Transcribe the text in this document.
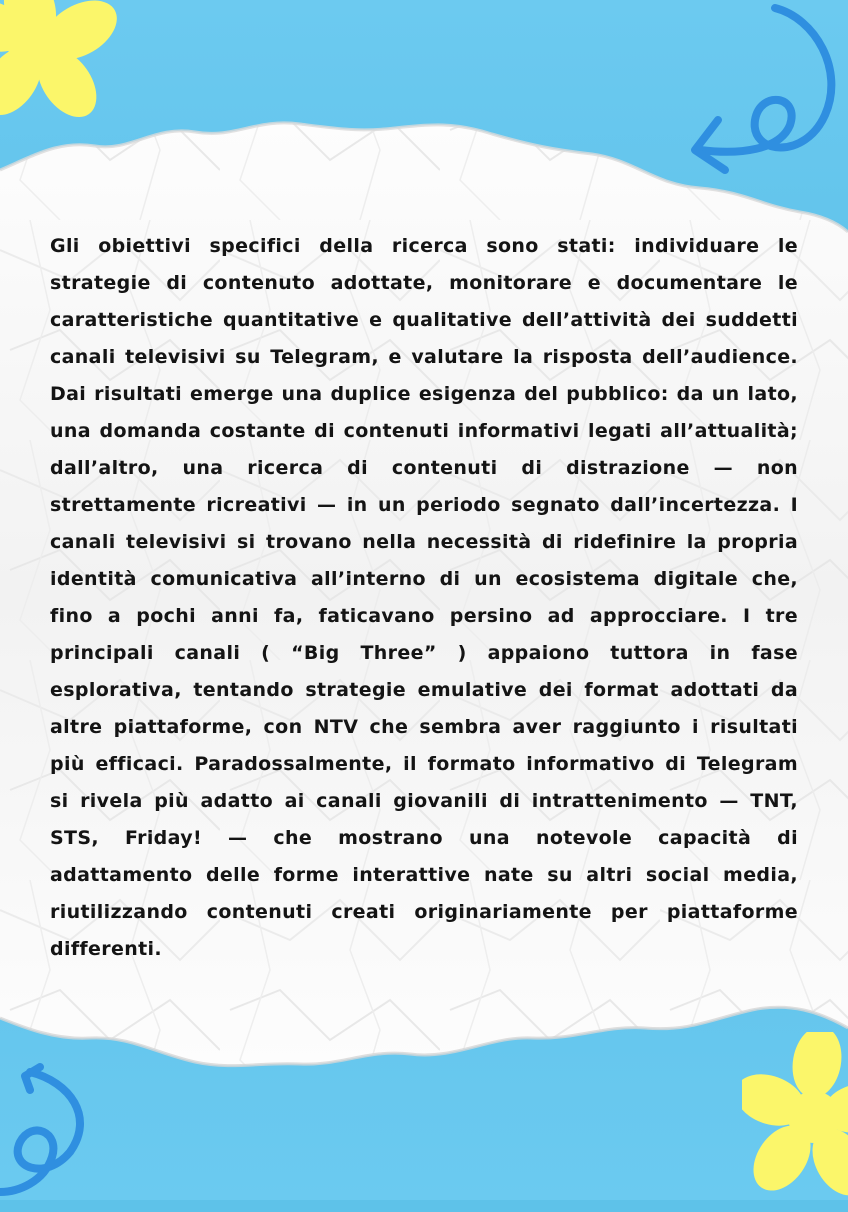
Gli obiettivi specifici della ricerca sono stati: individuare le strategie di contenuto adottate, monitorare e documentare le caratteristiche quantitative e qualitative dell’attività dei suddetti canali televisivi su Telegram, e valutare la risposta dell’audience. Dai risultati emerge una duplice esigenza del pubblico: da un lato, una domanda costante di contenuti informativi legati all’attualità; dall’altro, una ricerca di contenuti di distrazione — non strettamente ricreativi — in un periodo segnato dall’incertezza. I canali televisivi si trovano nella necessità di ridefinire la propria identità comunicativa all’interno di un ecosistema digitale che, fino a pochi anni fa, faticavano persino ad approcciare. I tre principali canali ( “Big Three” ) appaiono tuttora in fase esplorativa, tentando strategie emulative dei format adottati da altre piattaforme, con NTV che sembra aver raggiunto i risultati più efficaci. Paradossalmente, il formato informativo di Telegram si rivela più adatto ai canali giovanili di intrattenimento — TNT, STS, Friday! — che mostrano una notevole capacità di adattamento delle forme interattive nate su altri social media, riutilizzando contenuti creati originariamente per piattaforme differenti.
